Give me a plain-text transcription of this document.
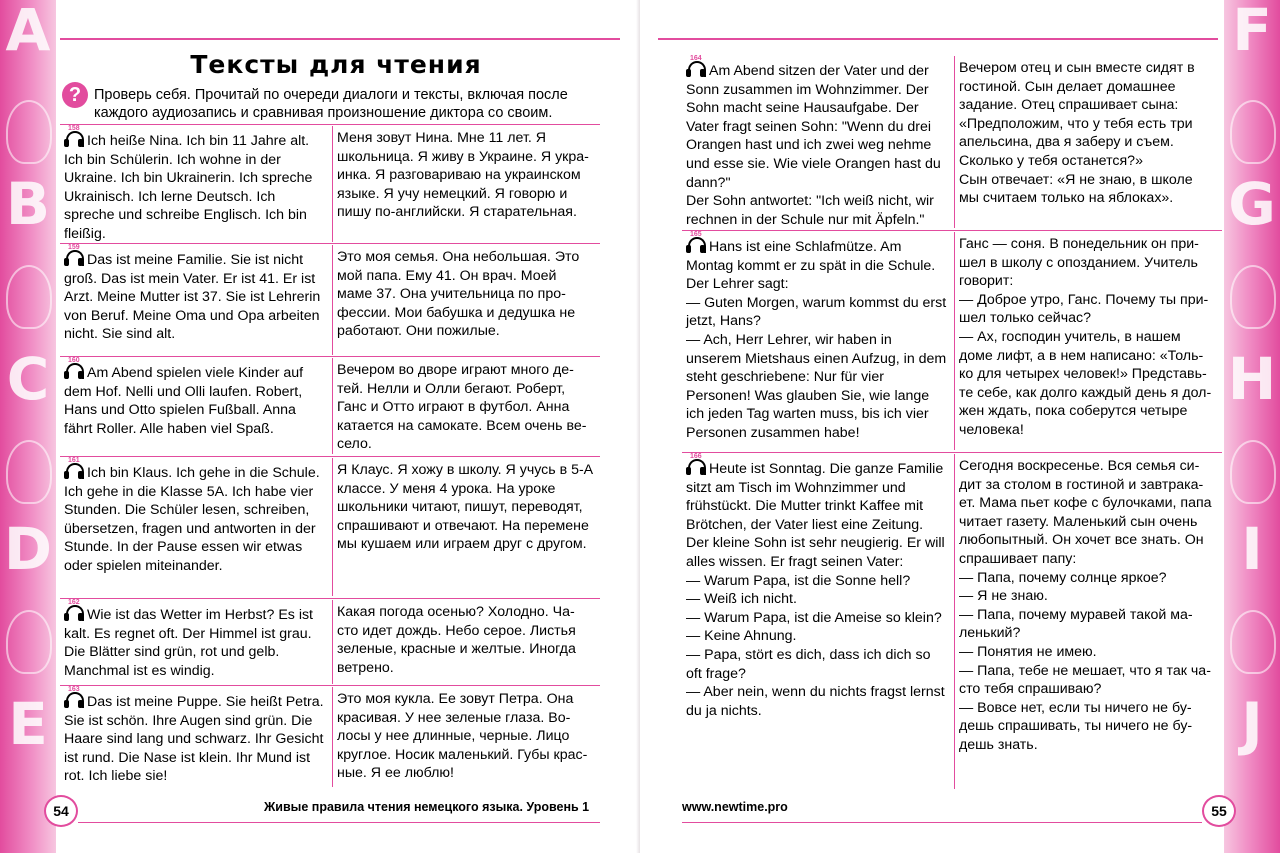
A
B
C
D
E
F
G
H
I
J
Тексты для чтения
? Проверь себя. Прочитай по очереди диалоги и тексты, включая после каждого аудиозапись и сравнивая произношение диктора со своим.
158
Ich heiße Nina. Ich bin 11 Jahre alt. Ich bin Schülerin. Ich wohne in der Ukraine. Ich bin Ukrainerin. Ich spreche Ukrainisch. Ich lerne Deutsch. Ich spreche und schreibe Englisch. Ich bin fleißig.
Меня зовут Нина. Мне 11 лет. Я школьница. Я живу в Украине. Я укра-инка. Я разговариваю на украинском языке. Я учу немецкий. Я говорю и пишу по-английски. Я старательная.
159
Das ist meine Familie. Sie ist nicht groß. Das ist mein Vater. Er ist 41. Er ist Arzt. Meine Mutter ist 37. Sie ist Lehrerin von Beruf. Meine Oma und Opa arbeiten nicht. Sie sind alt.
Это моя семья. Она небольшая. Это мой папа. Ему 41. Он врач. Моей маме 37. Она учительница по про-фессии. Мои бабушка и дедушка не работают. Они пожилые.
160
Am Abend spielen viele Kinder auf dem Hof. Nelli und Olli laufen. Robert, Hans und Otto spielen Fußball. Anna fährt Roller. Alle haben viel Spaß.
Вечером во дворе играют много де-тей. Нелли и Олли бегают. Роберт, Ганс и Отто играют в футбол. Анна катается на самокате. Всем очень ве-село.
161
Ich bin Klaus. Ich gehe in die Schule. Ich gehe in die Klasse 5A. Ich habe vier Stunden. Die Schüler lesen, schreiben, übersetzen, fragen und antworten in der Stunde. In der Pause essen wir etwas oder spielen miteinander.
Я Клаус. Я хожу в школу. Я учусь в 5-А классе. У меня 4 урока. На уроке школьники читают, пишут, переводят, спрашивают и отвечают. На перемене мы кушаем или играем друг с другом.
162
Wie ist das Wetter im Herbst? Es ist kalt. Es regnet oft. Der Himmel ist grau. Die Blätter sind grün, rot und gelb. Manchmal ist es windig.
Какая погода осенью? Холодно. Ча-сто идет дождь. Небо серое. Листья зеленые, красные и желтые. Иногда ветрено.
163
Das ist meine Puppe. Sie heißt Petra. Sie ist schön. Ihre Augen sind grün. Die Haare sind lang und schwarz. Ihr Gesicht ist rund. Die Nase ist klein. Ihr Mund ist rot. Ich liebe sie!
Это моя кукла. Ее зовут Петра. Она красивая. У нее зеленые глаза. Во-лосы у нее длинные, черные. Лицо круглое. Носик маленький. Губы крас-ные. Я ее люблю!
54	Живые правила чтения немецкого языка. Уровень 1
164
Am Abend sitzen der Vater und der Sonn zusammen im Wohnzimmer. Der Sohn macht seine Hausaufgabe. Der Vater fragt seinen Sohn: "Wenn du drei Orangen hast und ich zwei weg nehme und esse sie. Wie viele Orangen hast du dann?"
Der Sohn antwortet: "Ich weiß nicht, wir rechnen in der Schule nur mit Äpfeln."
Вечером отец и сын вместе сидят в гостиной. Сын делает домашнее задание. Отец спрашивает сына: «Предположим, что у тебя есть три апельсина, два я заберу и съем. Сколько у тебя останется?»
Сын отвечает: «Я не знаю, в школе мы считаем только на яблоках».
165
Hans ist eine Schlafmütze. Am Montag kommt er zu spät in die Schule. Der Lehrer sagt:
— Guten Morgen, warum kommst du erst jetzt, Hans?
— Ach, Herr Lehrer, wir haben in unserem Mietshaus einen Aufzug, in dem steht geschriebene: Nur für vier Personen! Was glauben Sie, wie lange ich jeden Tag warten muss, bis ich vier Personen zusammen habe!
Ганс — соня. В понедельник он при-шел в школу с опозданием. Учитель говорит:
— Доброе утро, Ганс. Почему ты при-шел только сейчас?
— Ах, господин учитель, в нашем доме лифт, а в нем написано: «Толь-ко для четырех человек!» Представь-те себе, как долго каждый день я дол-жен ждать, пока соберутся четыре человека!
166
Heute ist Sonntag. Die ganze Familie sitzt am Tisch im Wohnzimmer und frühstückt. Die Mutter trinkt Kaffee mit Brötchen, der Vater liest eine Zeitung. Der kleine Sohn ist sehr neugierig. Er will alles wissen. Er fragt seinen Vater:
— Warum Papa, ist die Sonne hell?
— Weiß ich nicht.
— Warum Papa, ist die Ameise so klein?
— Keine Ahnung.
— Papa, stört es dich, dass ich dich so oft frage?
— Aber nein, wenn du nichts fragst lernst du ja nichts.
Сегодня воскресенье. Вся семья си-дит за столом в гостиной и завтрака-ет. Мама пьет кофе с булочками, папа читает газету. Маленький сын очень любопытный. Он хочет все знать. Он спрашивает папу:
— Папа, почему солнце яркое?
— Я не знаю.
— Папа, почему муравей такой ма-ленький?
— Понятия не имею.
— Папа, тебе не мешает, что я так ча-сто тебя спрашиваю?
— Вовсе нет, если ты ничего не бу-дешь спрашивать, ты ничего не бу-дешь знать.
www.newtime.pro	55
